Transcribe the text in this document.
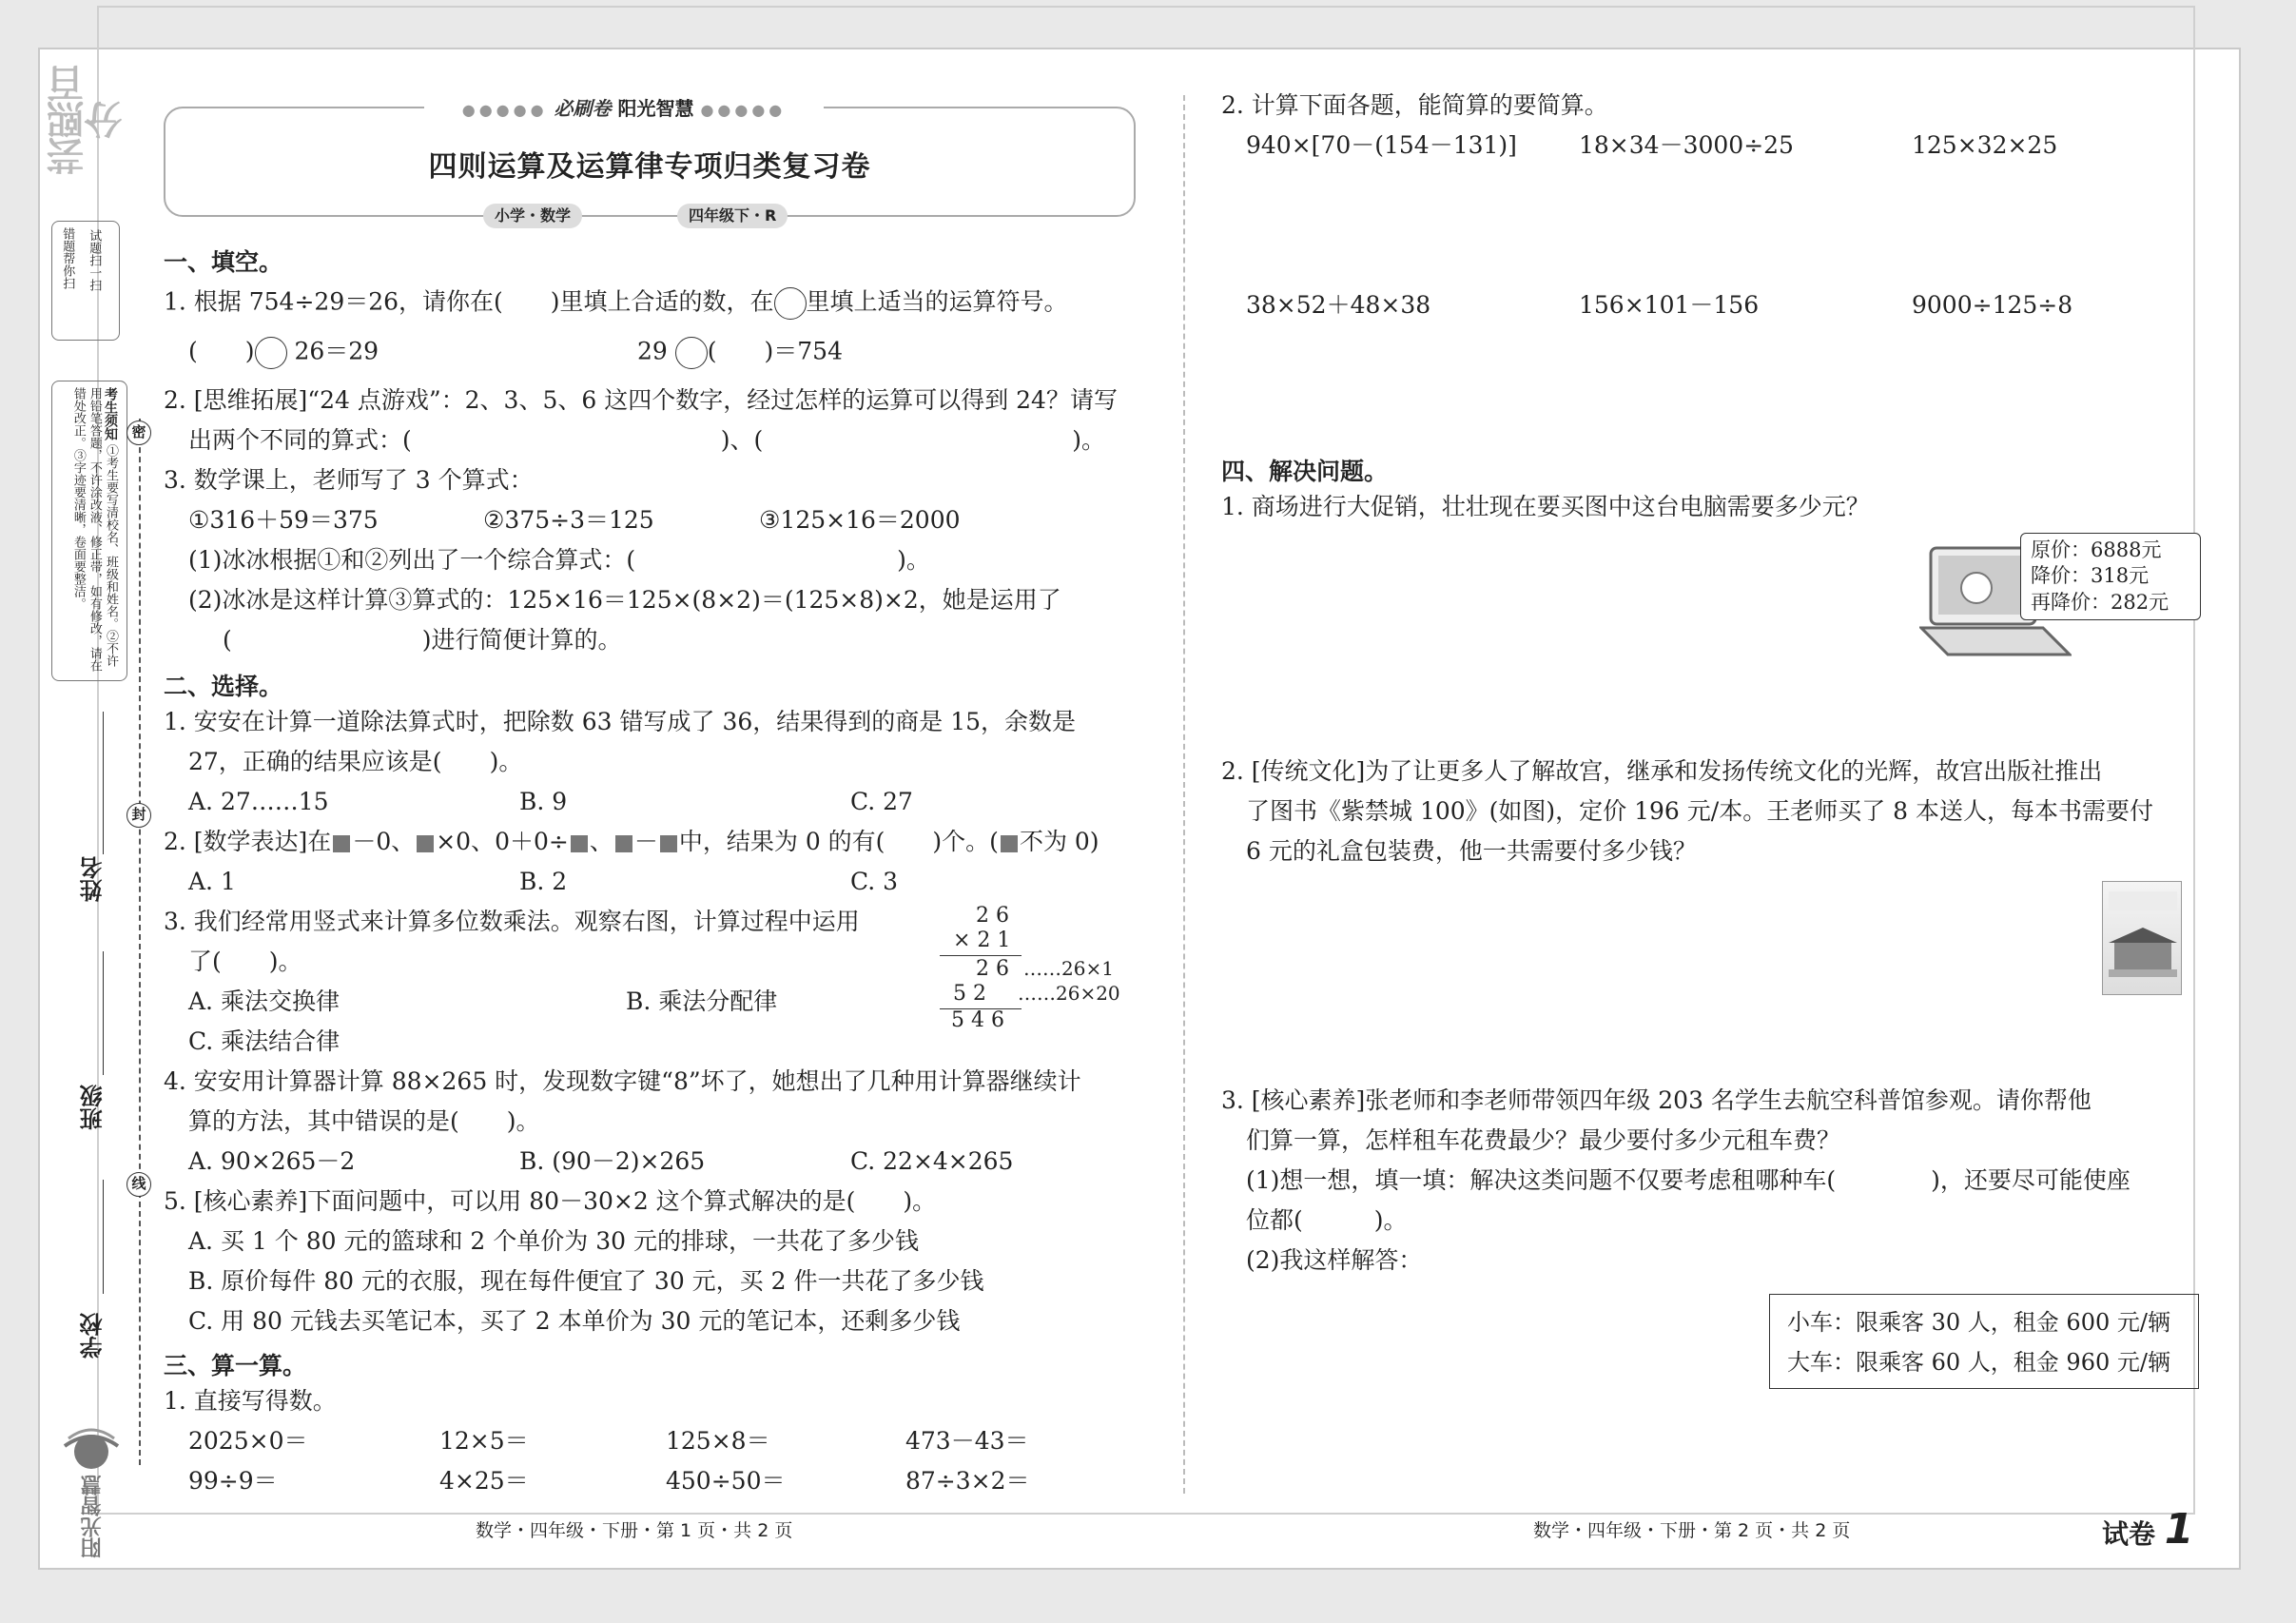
芸熙百分
错题帮你扫 试题扫一扫
考生须知 ①考生要写清校名、班级和姓名。②不许用铅笔答题，不许涂改液、修正带，如有修改，请在错处改正。③字迹要清晰，卷面要整洁。	密
封
线
姓名
班级
学校
阳光智慧
●●●●● 必刷卷 阳光智慧 ●●●●●
四则运算及运算律专项归类复习卷
小学・数学	四年级下・R
一、填空。
1. 根据 754÷29＝26，请你在(　　)里填上合适的数，在 里填上适当的运算符号。
(　　) 26＝29	29 (　　)＝754
2. [思维拓展]“24 点游戏”：2、3、5、6 这四个数字，经过怎样的运算可以得到 24？请写
出两个不同的算式：(　　　　　　　　　　　　　)、(　　　　　　　　　　　　　)。
3. 数学课上，老师写了 3 个算式：
①316＋59＝375	②375÷3＝125	③125×16＝2000
(1)冰冰根据①和②列出了一个综合算式：(　　　　　　　　　　　)。
(2)冰冰是这样计算③算式的：125×16＝125×(8×2)＝(125×8)×2，她是运用了
(　　　　　　　　)进行简便计算的。
二、选择。
1. 安安在计算一道除法算式时，把除数 63 错写成了 36，结果得到的商是 15，余数是
27，正确的结果应该是(　　)。
A. 27……15	B. 9	C. 27
2. [数学表达]在 －0、 ×0、0＋0÷ 、 － 中，结果为 0 的有(　　)个。( 不为 0)
A. 1	B. 2	C. 3
3. 我们经常用竖式来计算多位数乘法。观察右图，计算过程中运用
了(　　)。
A. 乘法交换律	B. 乘法分配律
C. 乘法结合律
2 6
× 2 1
2 6 ……26×1
5 2 ……26×20
5 4 6
4. 安安用计算器计算 88×265 时，发现数字键“8”坏了，她想出了几种用计算器继续计
算的方法，其中错误的是(　　)。
A. 90×265－2	B. (90－2)×265	C. 22×4×265
5. [核心素养]下面问题中，可以用 80－30×2 这个算式解决的是(　　)。
A. 买 1 个 80 元的篮球和 2 个单价为 30 元的排球，一共花了多少钱
B. 原价每件 80 元的衣服，现在每件便宜了 30 元，买 2 件一共花了多少钱
C. 用 80 元钱去买笔记本，买了 2 本单价为 30 元的笔记本，还剩多少钱
三、算一算。
1. 直接写得数。
2025×0＝	12×5＝	125×8＝	473－43＝
99÷9＝	4×25＝	450÷50＝	87÷3×2＝
2. 计算下面各题，能简算的要简算。
940×[70－(154－131)]	18×34－3000÷25	125×32×25
38×52＋48×38	156×101－156	9000÷125÷8
四、解决问题。
1. 商场进行大促销，壮壮现在要买图中这台电脑需要多少元？
原价：6888元
降价：318元
再降价：282元
2. [传统文化]为了让更多人了解故宫，继承和发扬传统文化的光辉，故宫出版社推出
了图书《紫禁城 100》(如图)，定价 196 元/本。王老师买了 8 本送人，每本书需要付
6 元的礼盒包装费，他一共需要付多少钱？
3. [核心素养]张老师和李老师带领四年级 203 名学生去航空科普馆参观。请你帮他
们算一算，怎样租车花费最少？最少要付多少元租车费？
(1)想一想，填一填：解决这类问题不仅要考虑租哪种车(　　　　)，还要尽可能使座
位都(　　　)。
(2)我这样解答：
小车：限乘客 30 人，租金 600 元/辆
大车：限乘客 60 人，租金 960 元/辆
数学・四年级・下册・第 1 页・共 2 页	数学・四年级・下册・第 2 页・共 2 页	试卷 1
